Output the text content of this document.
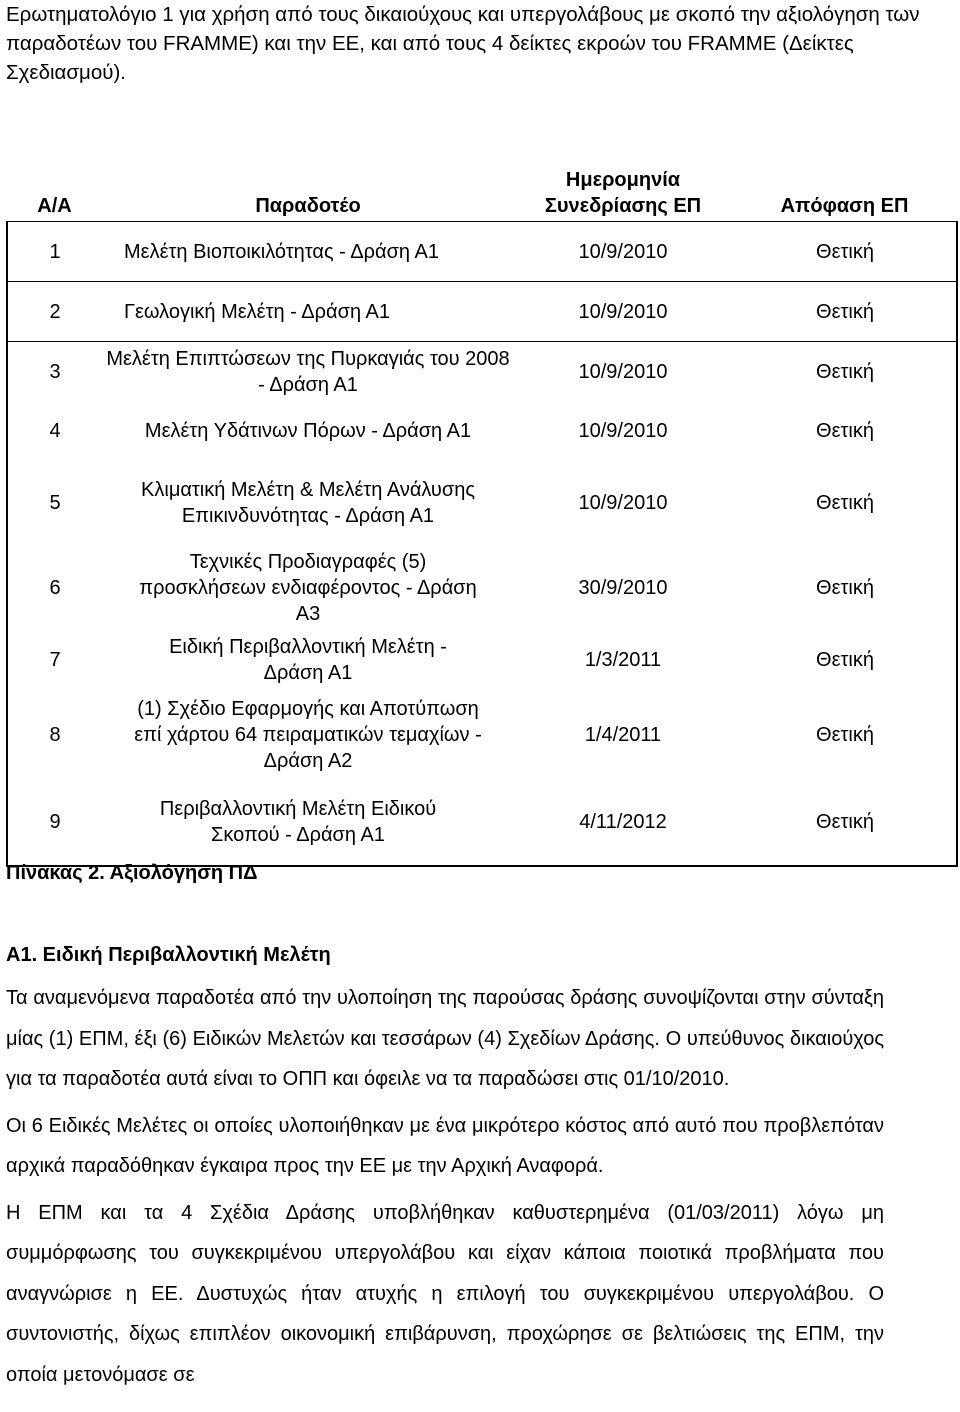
Ερωτηματολόγιο 1 για χρήση από τους δικαιούχους και υπεργολάβους με σκοπό την αξιολόγηση των παραδοτέων του FRAMME) και την ΕΕ, και από τους 4 δείκτες εκροών του FRAMME (Δείκτες Σχεδιασμού).
Α/Α	Παραδοτέο	Ημερομηνία Συνεδρίασης ΕΠ	Απόφαση ΕΠ
1	Μελέτη Βιοποικιλότητας - Δράση Α1	10/9/2010	Θετική
2	Γεωλογική Μελέτη - Δράση Α1	10/9/2010	Θετική
3	Μελέτη Επιπτώσεων της Πυρκαγιάς του 2008 - Δράση Α1	10/9/2010	Θετική
4	Μελέτη Υδάτινων Πόρων - Δράση Α1	10/9/2010	Θετική
5	Κλιματική Μελέτη & Μελέτη Ανάλυσης Επικινδυνότητας - Δράση Α1	10/9/2010	Θετική
6	Τεχνικές Προδιαγραφές (5) προσκλήσεων ενδιαφέροντος - Δράση Α3	30/9/2010	Θετική
7	Ειδική Περιβαλλοντική Μελέτη - Δράση Α1	1/3/2011	Θετική
8	(1) Σχέδιο Εφαρμογής και Αποτύπωση επί χάρτου 64 πειραματικών τεμαχίων - Δράση Α2	1/4/2011	Θετική
9	Περιβαλλοντική Μελέτη Ειδικού Σκοπού - Δράση Α1	4/11/2012	Θετική
Πίνακας 2. Αξιολόγηση ΠΔ
Α1. Ειδική Περιβαλλοντική Μελέτη

Τα αναμενόμενα παραδοτέα από την υλοποίηση της παρούσας δράσης συνοψίζονται στην σύνταξη μίας (1) ΕΠΜ, έξι (6) Ειδικών Μελετών και τεσσάρων (4) Σχεδίων Δράσης. Ο υπεύθυνος δικαιούχος για τα παραδοτέα αυτά είναι το ΟΠΠ και όφειλε να τα παραδώσει στις 01/10/2010.

Οι 6 Ειδικές Μελέτες οι οποίες υλοποιήθηκαν με ένα μικρότερο κόστος από αυτό που προβλεπόταν αρχικά παραδόθηκαν έγκαιρα προς την ΕΕ με την Αρχική Αναφορά.

Η ΕΠΜ και τα 4 Σχέδια Δράσης υποβλήθηκαν καθυστερημένα (01/03/2011) λόγω μη συμμόρφωσης του συγκεκριμένου υπεργολάβου και είχαν κάποια ποιοτικά προβλήματα που αναγνώρισε η ΕΕ. Δυστυχώς ήταν ατυχής η επιλογή του συγκεκριμένου υπεργολάβου. Ο συντονιστής, δίχως επιπλέον οικονομική επιβάρυνση, προχώρησε σε βελτιώσεις της ΕΠΜ, την οποία μετονόμασε σε
